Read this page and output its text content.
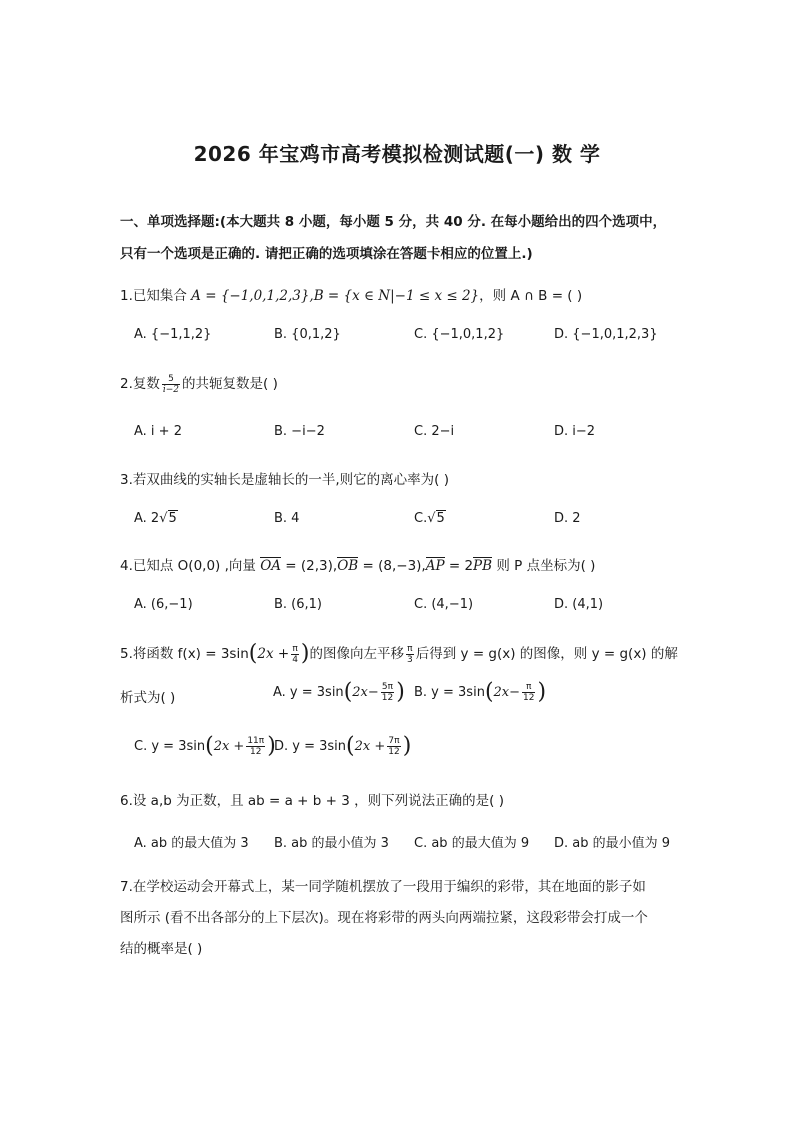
2026 年宝鸡市高考模拟检测试题(一) 数 学
一、单项选择题:(本大题共 8 小题，每小题 5 分，共 40 分. 在每小题给出的四个选项中，
只有一个选项是正确的. 请把正确的选项填涂在答题卡相应的位置上.)
1.已知集合 A = {−1,0,1,2,3},B = {x ∈ N|−1 ≤ x ≤ 2}，则 A ∩ B = ( )
A. {−1,1,2}	B. {0,1,2}	C. {−1,0,1,2}	D. {−1,0,1,2,3}
2.复数 $\frac{5}{i-2}$ 的共轭复数是( )
A. i + 2	B. −i−2	C. 2−i	D. i−2
3.若双曲线的实轴长是虚轴长的一半,则它的离心率为( )
A. 2√5	B. 4	C.√5	D. 2
4.已知点 O(0,0) ,向量 OA = (2,3),OB = (8,−3),AP = 2PB 则 P 点坐标为( )
A. (6,−1)	B. (6,1)	C. (4,−1)	D. (4,1)
5.将函数 $f(x) = 3\sin(2x + \frac{\pi}{4}$ )的图像向左平移 $\frac{\pi}{3}$ 后得到 y = g(x) 的图像，则 y = g(x) 的解
析式为( )	A. $y = 3\sin(2x- \frac{5\pi}{12}$ ) B. $y = 3\sin(2x- \frac{\pi}{12}$ )
C. $y = 3\sin(2x + \frac{11\pi}{12}$ )
D. $y = 3\sin(2x + \frac{7\pi}{12}$ )
6.设 a,b 为正数，且 ab = a + b + 3 ，则下列说法正确的是( )
A. ab 的最大值为 3 B. ab 的最小值为 3 C. ab 的最大值为 9 D. ab 的最小值为 9
7.在学校运动会开幕式上，某一同学随机摆放了一段用于编织的彩带，其在地面的影子如
图所示 (看不出各部分的上下层次)。现在将彩带的两头向两端拉紧，这段彩带会打成一个
结的概率是( )
